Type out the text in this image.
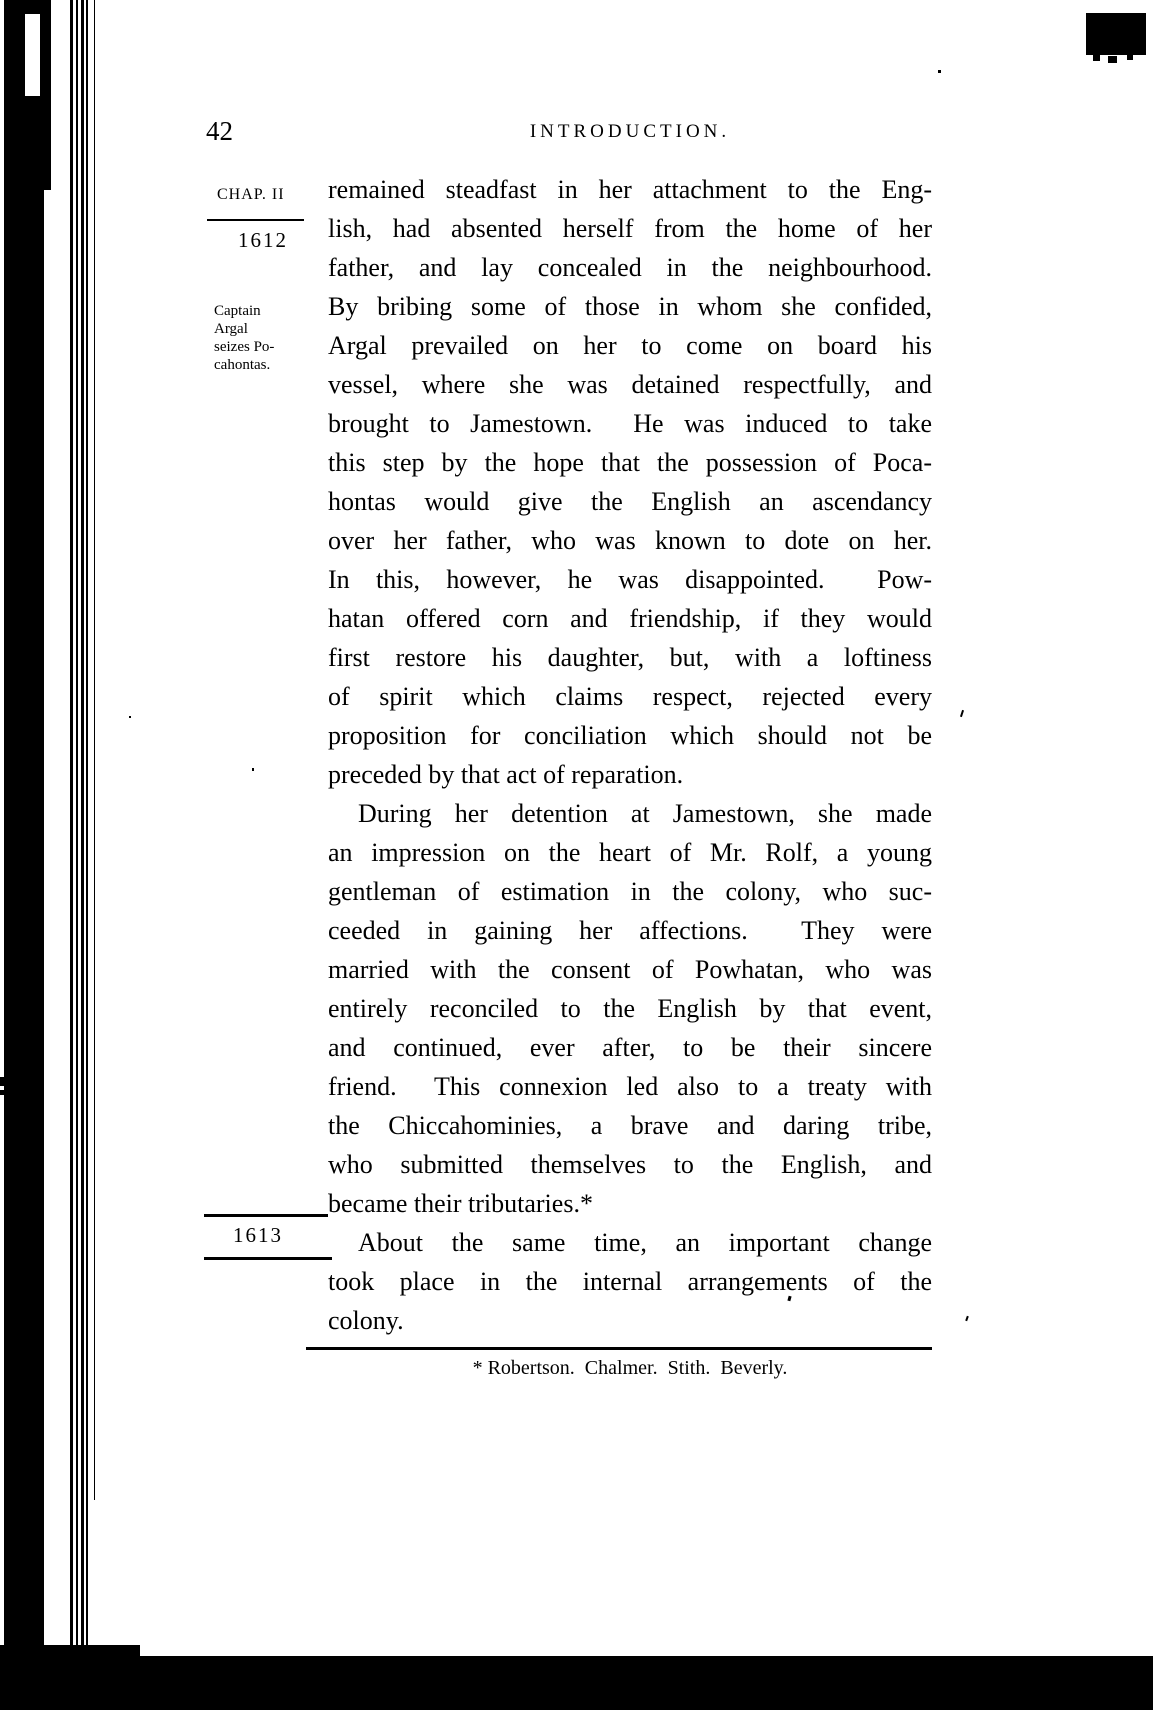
42	INTRODUCTION.
CHAP. II
1612
Captain
Argal
seizes Po-
cahontas.
1613
remained steadfast in her attachment to the Eng-
lish, had absented herself from the home of her
father, and lay concealed in the neighbourhood.
By bribing some of those in whom she confided,
Argal prevailed on her to come on board his
vessel, where she was detained respectfully, and
brought to Jamestown.  He was induced to take
this step by the hope that the possession of Poca-
hontas would give the English an ascendancy
over her father, who was known to dote on her.
In this, however, he was disappointed.  Pow-
hatan offered corn and friendship, if they would
first restore his daughter, but, with a loftiness
of spirit which claims respect, rejected every
proposition for conciliation which should not be
preceded by that act of reparation.
During her detention at Jamestown, she made
an impression on the heart of Mr. Rolf, a young
gentleman of estimation in the colony, who suc-
ceeded in gaining her affections.  They were
married with the consent of Powhatan, who was
entirely reconciled to the English by that event,
and continued, ever after, to be their sincere
friend.  This connexion led also to a treaty with
the Chiccahominies, a brave and daring tribe,
who submitted themselves to the English, and
became their tributaries.*
About the same time, an important change
took place in the internal arrangements of the
colony.
* Robertson.  Chalmer.  Stith.  Beverly.
